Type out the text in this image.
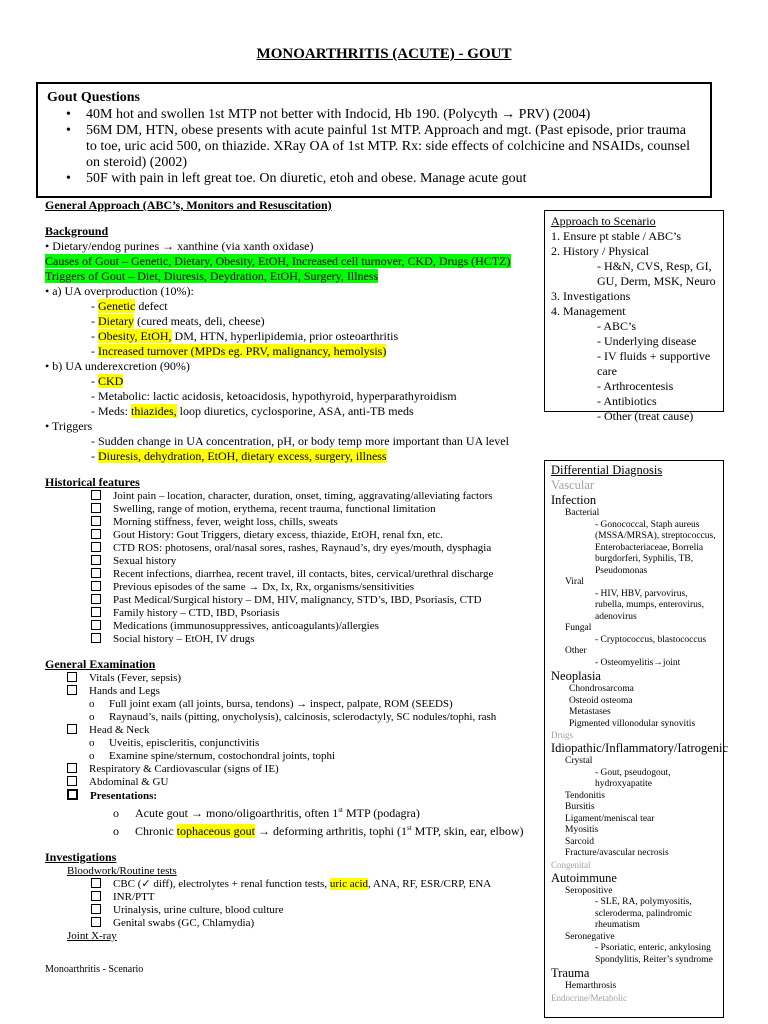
MONOARTHRITIS (ACUTE) - GOUT
Gout Questions
• 40M hot and swollen 1st MTP not better with Indocid, Hb 190. (Polycyth → PRV) (2004)
• 56M DM, HTN, obese presents with acute painful 1st MTP. Approach and mgt. (Past episode, prior trauma to toe, uric acid 500, on thiazide. XRay OA of 1st MTP. Rx: side effects of colchicine and NSAIDs, counsel on steroid) (2002)
• 50F with pain in left great toe. On diuretic, etoh and obese. Manage acute gout
General Approach (ABC’s, Monitors and Resuscitation)
Background
• Dietary/endog purines → xanthine (via xanth oxidase)
Causes of Gout – Genetic, Dietary, Obesity, EtOH, Increased cell turnover, CKD, Drugs (HCTZ)
Triggers of Gout – Diet, Diuresis, Deydration, EtOH, Surgery, Illness
• a) UA overproduction (10%):
- Genetic defect
- Dietary (cured meats, deli, cheese)
- Obesity, EtOH, DM, HTN, hyperlipidemia, prior osteoarthritis
- Increased turnover (MPDs eg. PRV, malignancy, hemolysis)
• b) UA underexcretion (90%)
- CKD
- Metabolic: lactic acidosis, ketoacidosis, hypothyroid, hyperparathyroidism
- Meds: thiazides, loop diuretics, cyclosporine, ASA, anti-TB meds
• Triggers
- Sudden change in UA concentration, pH, or body temp more important than UA level
- Diuresis, dehydration, EtOH, dietary excess, surgery, illness
Historical features
Joint pain – location, character, duration, onset, timing, aggravating/alleviating factors
Swelling, range of motion, erythema, recent trauma, functional limitation
Morning stiffness, fever, weight loss, chills, sweats
Gout History: Gout Triggers, dietary excess, thiazide, EtOH, renal fxn, etc.
CTD ROS: photosens, oral/nasal sores, rashes, Raynaud’s, dry eyes/mouth, dysphagia
Sexual history
Recent infections, diarrhea, recent travel, ill contacts, bites, cervical/urethral discharge
Previous episodes of the same → Dx, Ix, Rx, organisms/sensitivities
Past Medical/Surgical history – DM, HIV, malignancy, STD’s, IBD, Psoriasis, CTD
Family history – CTD, IBD, Psoriasis
Medications (immunosuppressives, anticoagulants)/allergies
Social history – EtOH, IV drugs
General Examination
Vitals (Fever, sepsis)
Hands and Legs
o Full joint exam (all joints, bursa, tendons) → inspect, palpate, ROM (SEEDS)
o Raynaud’s, nails (pitting, onycholysis), calcinosis, sclerodactyly, SC nodules/tophi, rash
Head & Neck
o Uveitis, episcleritis, conjunctivitis
o Examine spine/sternum, costochondral joints, tophi
Respiratory & Cardiovascular (signs of IE)
Abdominal & GU
Presentations:
o Acute gout → mono/oligoarthritis, often 1st MTP (podagra)
o Chronic tophaceous gout → deforming arthritis, tophi (1st MTP, skin, ear, elbow)
Investigations
Bloodwork/Routine tests
CBC (✓ diff), electrolytes + renal function tests, uric acid, ANA, RF, ESR/CRP, ENA
INR/PTT
Urinalysis, urine culture, blood culture
Genital swabs (GC, Chlamydia)
Joint X-ray
Monoarthritis - Scenario
Approach to Scenario
1. Ensure pt stable / ABC’s
2. History / Physical
- H&N, CVS, Resp, GI, GU, Derm, MSK, Neuro
3. Investigations
4. Management
- ABC’s
- Underlying disease
- IV fluids + supportive care
- Arthrocentesis
- Antibiotics
- Other (treat cause)
Differential Diagnosis
Vascular
Infection
Bacterial
- Gonococcal, Staph aureus (MSSA/MRSA), streptococcus, Enterobacteriaceae, Borrelia burgdorferi, Syphilis, TB, Pseudomonas
Viral
- HIV, HBV, parvovirus, rubella, mumps, enterovirus, adenovirus
Fungal
- Cryptococcus, blastococcus
Other
- Osteomyelitis→joint
Neoplasia
Chondrosarcoma
Osteoid osteoma
Metastases
Pigmented villonodular synovitis
Drugs
Idiopathic/Inflammatory/Iatrogenic
Crystal
- Gout, pseudogout, hydroxyapatite
Tendonitis
Bursitis
Ligament/meniscal tear
Myositis
Sarcoid
Fracture/avascular necrosis
Congenital
Autoimmune
Seropositive
- SLE, RA, polymyositis, scleroderma, palindromic rheumatism
Seronegative
- Psoriatic, enteric, ankylosing Spondylitis, Reiter’s syndrome
Trauma
Hemarthrosis
Endocrine/Metabolic
